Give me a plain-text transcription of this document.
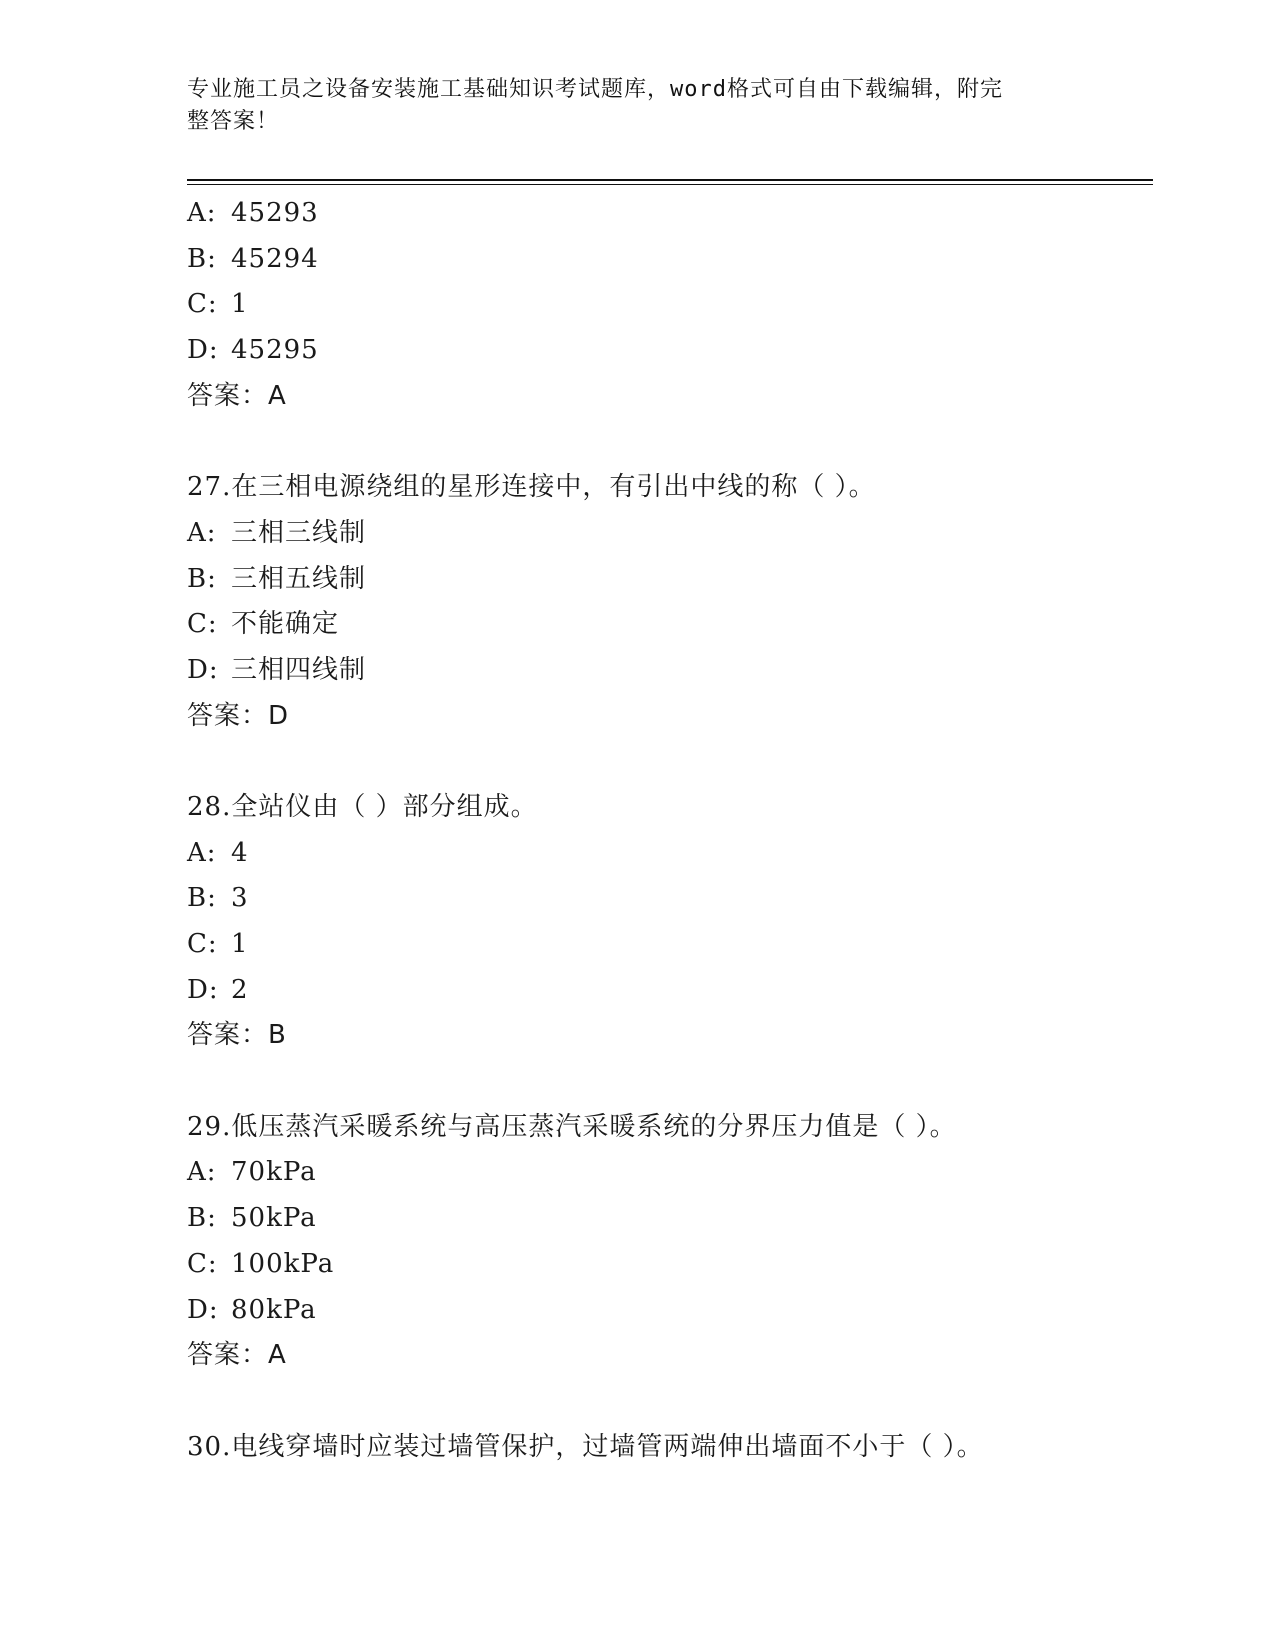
专业施工员之设备安装施工基础知识考试题库，word格式可自由下载编辑，附完
整答案！
A: 45293
B: 45294
C: 1
D: 45295
答案：A
27.在三相电源绕组的星形连接中，有引出中线的称（ ）。
A: 三相三线制
B: 三相五线制
C: 不能确定
D: 三相四线制
答案：D
28.全站仪由（ ）部分组成。
A: 4
B: 3
C: 1
D: 2
答案：B
29.低压蒸汽采暖系统与高压蒸汽采暖系统的分界压力值是（ ）。
A: 70kPa
B: 50kPa
C: 100kPa
D: 80kPa
答案：A
30.电线穿墙时应装过墙管保护，过墙管两端伸出墙面不小于（ ）。
